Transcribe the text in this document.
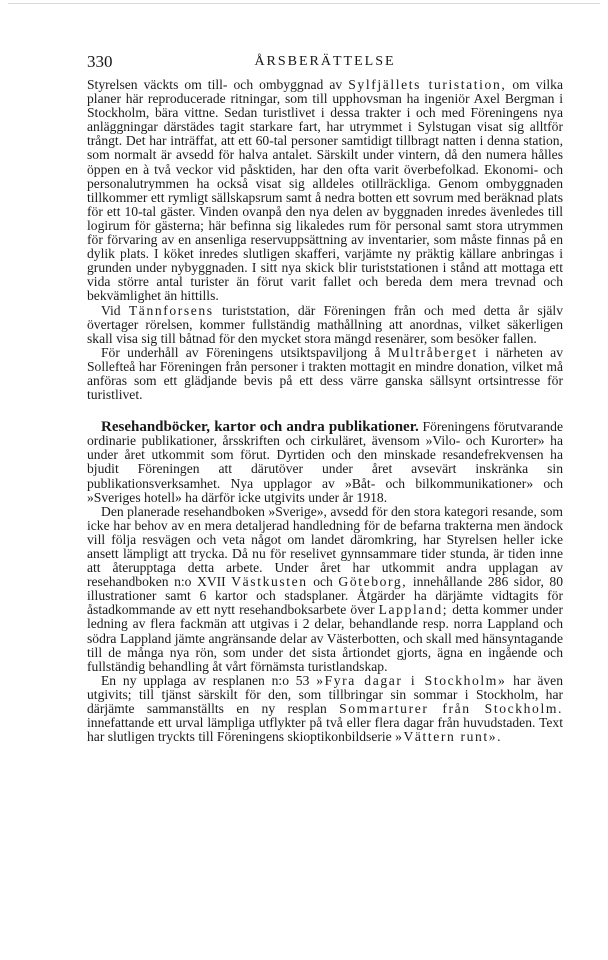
330	ÅRSBERÄTTELSE

Styrelsen väckts om till- och ombyggnad av Sylfjällets turistation, om vilka planer här reproducerade ritningar, som till upphovsman ha ingeniör Axel Bergman i Stockholm, bära vittne. Sedan turistlivet i dessa trakter i och med Föreningens nya anläggningar därstädes tagit starkare fart, har utrymmet i Sylstugan visat sig alltför trångt. Det har inträffat, att ett 60-tal personer samtidigt tillbragt natten i denna station, som normalt är avsedd för halva antalet. Särskilt under vintern, då den numera hålles öppen en à två veckor vid påsktiden, har den ofta varit överbefolkad. Ekonomi- och personalutrymmen ha också visat sig alldeles otillräckliga. Genom ombyggnaden tillkommer ett rymligt sällskapsrum samt å nedra botten ett sovrum med beräknad plats för ett 10-tal gäster. Vinden ovanpå den nya delen av byggnaden inredes ävenledes till logirum för gästerna; här befinna sig likaledes rum för personal samt stora utrymmen för förvaring av en ansenliga reservuppsättning av inventarier, som måste finnas på en dylik plats. I köket inredes slutligen skafferi, varjämte ny präktig källare anbringas i grunden under nybyggnaden. I sitt nya skick blir turiststationen i stånd att mottaga ett vida större antal turister än förut varit fallet och bereda dem mera trevnad och bekvämlighet än hittills.

Vid Tännforsens turiststation, där Föreningen från och med detta år själv övertager rörelsen, kommer fullständig mathållning att anordnas, vilket säkerligen skall visa sig till båtnad för den mycket stora mängd resenärer, som besöker fallen.

För underhåll av Föreningens utsiktspaviljong å Multråberget i närheten av Sollefteå har Föreningen från personer i trakten mottagit en mindre donation, vilket må anföras som ett glädjande bevis på ett dess värre ganska sällsynt ortsintresse för turistlivet.

Resehandböcker, kartor och andra publikationer. Föreningens förutvarande ordinarie publikationer, årsskriften och cirkuläret, ävensom »Vilo- och Kurorter» ha under året utkommit som förut. Dyrtiden och den minskade resandefrekvensen ha bjudit Föreningen att därutöver under året avsevärt inskränka sin publikationsverksamhet. Nya upplagor av »Båt- och bilkommunikationer» och »Sveriges hotell» ha därför icke utgivits under år 1918.

Den planerade resehandboken »Sverige», avsedd för den stora kategori resande, som icke har behov av en mera detaljerad handledning för de befarna trakterna men ändock vill följa resvägen och veta något om landet däromkring, har Styrelsen heller icke ansett lämpligt att trycka. Då nu för reselivet gynnsammare tider stunda, är tiden inne att återupptaga detta arbete. Under året har utkommit andra upplagan av resehandboken n:o XVII Västkusten och Göteborg, innehållande 286 sidor, 80 illustrationer samt 6 kartor och stadsplaner. Åtgärder ha därjämte vidtagits för åstadkommande av ett nytt resehandboksarbete över Lappland; detta kommer under ledning av flera fackmän att utgivas i 2 delar, behandlande resp. norra Lappland och södra Lappland jämte angränsande delar av Västerbotten, och skall med hänsyntagande till de många nya rön, som under det sista årtiondet gjorts, ägna en ingående och fullständig behandling åt vårt förnämsta turistlandskap.

En ny upplaga av resplanen n:o 53 »Fyra dagar i Stockholm» har även utgivits; till tjänst särskilt för den, som tillbringar sin sommar i Stockholm, har därjämte sammanställts en ny resplan Sommarturer från Stockholm. innefattande ett urval lämpliga utflykter på två eller flera dagar från huvudstaden. Text har slutligen tryckts till Föreningens skioptikonbildserie »Vättern runt».
